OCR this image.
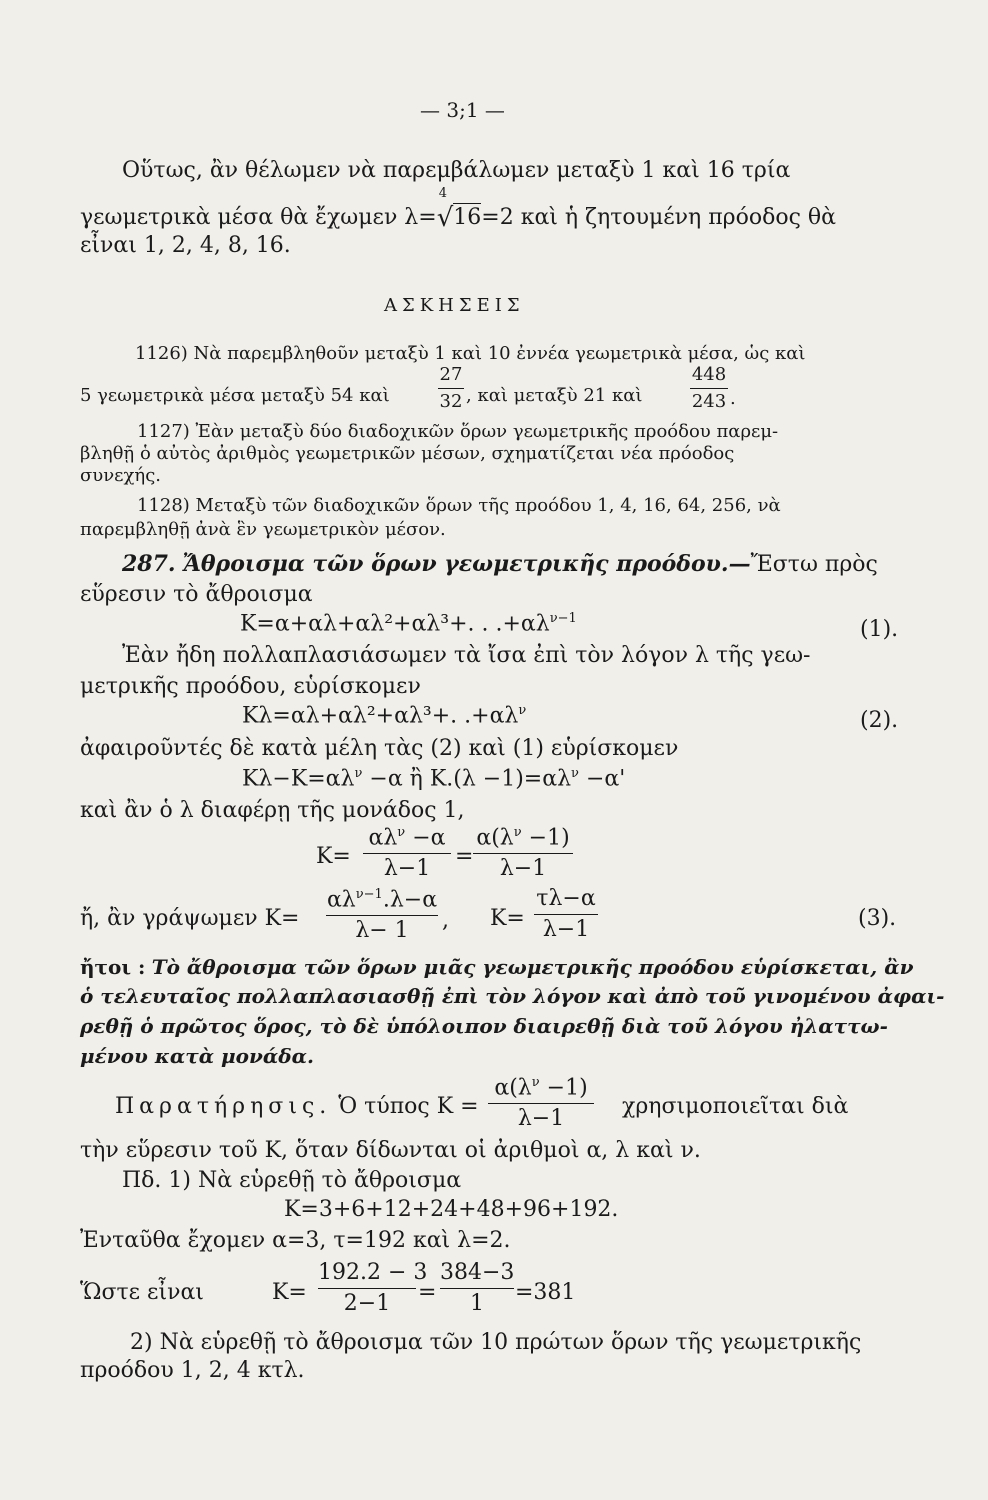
— 3;1 —
Οὕτως, ἂν θέλωμεν νὰ παρεμβάλωμεν μεταξὺ 1 καὶ 16 τρία
γεωμετρικὰ μέσα θὰ ἔχωμεν λ=
4
√16=2 καὶ ἡ ζητουμένη πρόοδος θὰ
εἶναι 1, 2, 4, 8, 16.
ΑΣΚΗΣΕΙΣ
1126) Νὰ παρεμβληθοῦν μεταξὺ 1 καὶ 10 ἐννέα γεωμετρικὰ μέσα, ὡς καὶ
5 γεωμετρικὰ μέσα μεταξὺ 54 καὶ
27
32 , καὶ μεταξὺ 21 καὶ
448
243 .
1127) Ἐὰν μεταξὺ δύο διαδοχικῶν ὅρων γεωμετρικῆς προόδου παρεμ-
βληθῇ ὁ αὐτὸς ἀριθμὸς γεωμετρικῶν μέσων, σχηματίζεται νέα πρόοδος
συνεχής.
1128) Μεταξὺ τῶν διαδοχικῶν ὅρων τῆς προόδου 1, 4, 16, 64, 256, νὰ
παρεμβληθῇ ἀνὰ ἓν γεωμετρικὸν μέσον.
287. Ἄθροισμα τῶν ὅρων γεωμετρικῆς προόδου.—Ἔστω πρὸς
εὕρεσιν τὸ ἄθροισμα
Κ=α+αλ+αλ²+αλ³+. . $.+\alpha\lambda^{\nu-1}$	(1).
Ἐὰν ἤδη πολλαπλασιάσωμεν τὰ ἴσα ἐπὶ τὸν λόγον λ τῆς γεω-
μετρικῆς προόδου, εὑρίσκομεν
Κλ=αλ+αλ²+αλ³+. $.+\alpha\lambda^\nu$	(2).
ἀφαιροῦντές δὲ κατὰ μέλη τὰς (2) καὶ (1) εὑρίσκομεν
$K\lambda-K=\alpha\lambda^\nu -\alpha$ ἢ $K.(\lambda -1)=\alpha\lambda^\nu -\alpha'$
καὶ ἂν ὁ λ διαφέρῃ τῆς μονάδος 1,
Κ=
$\alpha\lambda^\nu -\alpha$
λ−1	=
$\alpha(\lambda^\nu -1)$
λ−1
ἤ, ἂν γράψωμεν Κ=
$\alpha\lambda^{\nu-1}.\lambda-\alpha$
λ− 1	, Κ=
τλ−α
λ−1	(3).
ἤτοι : Τὸ ἄθροισμα τῶν ὅρων μιᾶς γεωμετρικῆς προόδου εὑρίσκεται, ἂν
ὁ τελευταῖος πολλαπλασιασθῇ ἐπὶ τὸν λόγον καὶ ἀπὸ τοῦ γινομένου ἀφαι-
ρεθῇ ὁ πρῶτος ὅρος, τὸ δὲ ὑπόλοιπον διαιρεθῇ διὰ τοῦ λόγου ἠλαττω-
μένου κατὰ μονάδα.
Παρατήρησις. Ὁ τύπος Κ =
$\alpha(\lambda^\nu -1)$
λ−1	χρησιμοποιεῖται διὰ
τὴν εὕρεσιν τοῦ Κ, ὅταν δίδωνται οἱ ἀριθμοὶ α, λ καὶ ν.
Πδ. 1) Νὰ εὑρεθῇ τὸ ἄθροισμα
Κ=3+6+12+24+48+96+192.
Ἐνταῦθα ἔχομεν α=3, τ=192 καὶ λ=2.
Ὥστε εἶναι	Κ=
192.2 − 3
2−1	=
384−3
1	=381
2) Νὰ εὑρεθῇ τὸ ἄθροισμα τῶν 10 πρώτων ὅρων τῆς γεωμετρικῆς
προόδου 1, 2, 4 κτλ.
